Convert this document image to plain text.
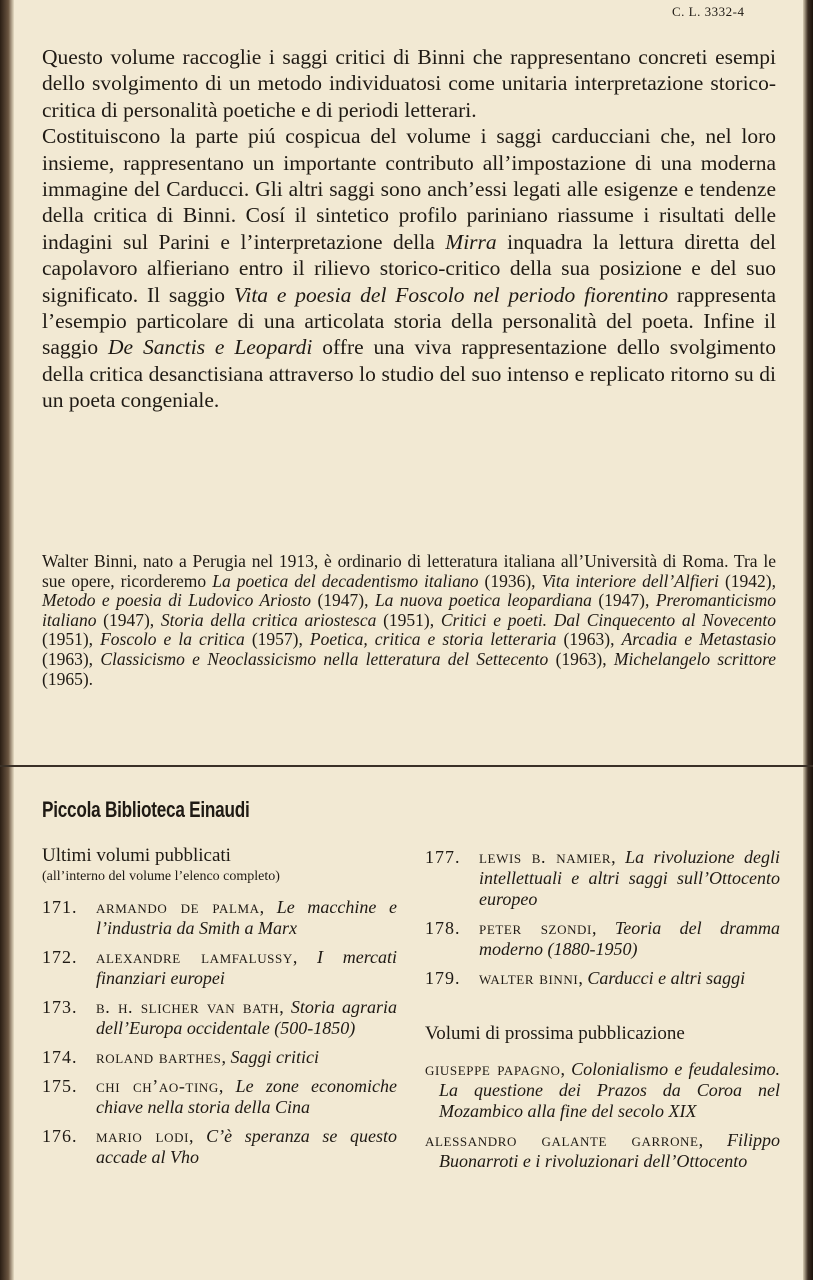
C. L. 3332-4

Questo volume raccoglie i saggi critici di Binni che rappresentano concreti esempi dello svolgimento di un metodo individuatosi come unitaria interpretazione storico-critica di personalità poetiche e di periodi letterari.
Costituiscono la parte piú cospicua del volume i saggi carducciani che, nel loro insieme, rappresentano un importante contributo all’impostazione di una moderna immagine del Carducci. Gli altri saggi sono anch’essi legati alle esigenze e tendenze della critica di Binni. Cosí il sintetico profilo pariniano riassume i risultati delle indagini sul Parini e l’interpretazione della Mirra inquadra la lettura diretta del capolavoro alfieriano entro il rilievo storico-critico della sua posizione e del suo significato. Il saggio Vita e poesia del Foscolo nel periodo fiorentino rappresenta l’esempio particolare di una articolata storia della personalità del poeta. Infine il saggio De Sanctis e Leopardi offre una viva rappresentazione dello svolgimento della critica desanctisiana attraverso lo studio del suo intenso e replicato ritorno su di un poeta congeniale.

Walter Binni, nato a Perugia nel 1913, è ordinario di letteratura italiana all’Università di Roma. Tra le sue opere, ricorderemo La poetica del decadentismo italiano (1936), Vita interiore dell’Alfieri (1942), Metodo e poesia di Ludovico Ariosto (1947), La nuova poetica leopardiana (1947), Preromanticismo italiano (1947), Storia della critica ariostesca (1951), Critici e poeti. Dal Cinquecento al Novecento (1951), Foscolo e la critica (1957), Poetica, critica e storia letteraria (1963), Arcadia e Metastasio (1963), Classicismo e Neoclassicismo nella letteratura del Settecento (1963), Michelangelo scrittore (1965).
Piccola Biblioteca Einaudi
Ultimi volumi pubblicati
(all’interno del volume l’elenco completo)
171.	armando de palma, Le macchine e l’industria da Smith a Marx
172.	alexandre lamfalussy, I mercati finanziari europei
173.	b. h. slicher van bath, Storia agraria dell’Europa occidentale (500-1850)
174.	roland barthes, Saggi critici
175.	chi ch’ao-ting, Le zone economiche chiave nella storia della Cina
176.	mario lodi, C’è speranza se questo accade al Vho
177.	lewis b. namier, La rivoluzione degli intellettuali e altri saggi sull’Ottocento europeo
178.	peter szondi, Teoria del dramma moderno (1880-1950)
179.	walter binni, Carducci e altri saggi
Volumi di prossima pubblicazione
giuseppe papagno, Colonialismo e feudalesimo. La questione dei Prazos da Coroa nel Mozambico alla fine del secolo XIX
alessandro galante garrone, Filippo Buonarroti e i rivoluzionari dell’Ottocento
